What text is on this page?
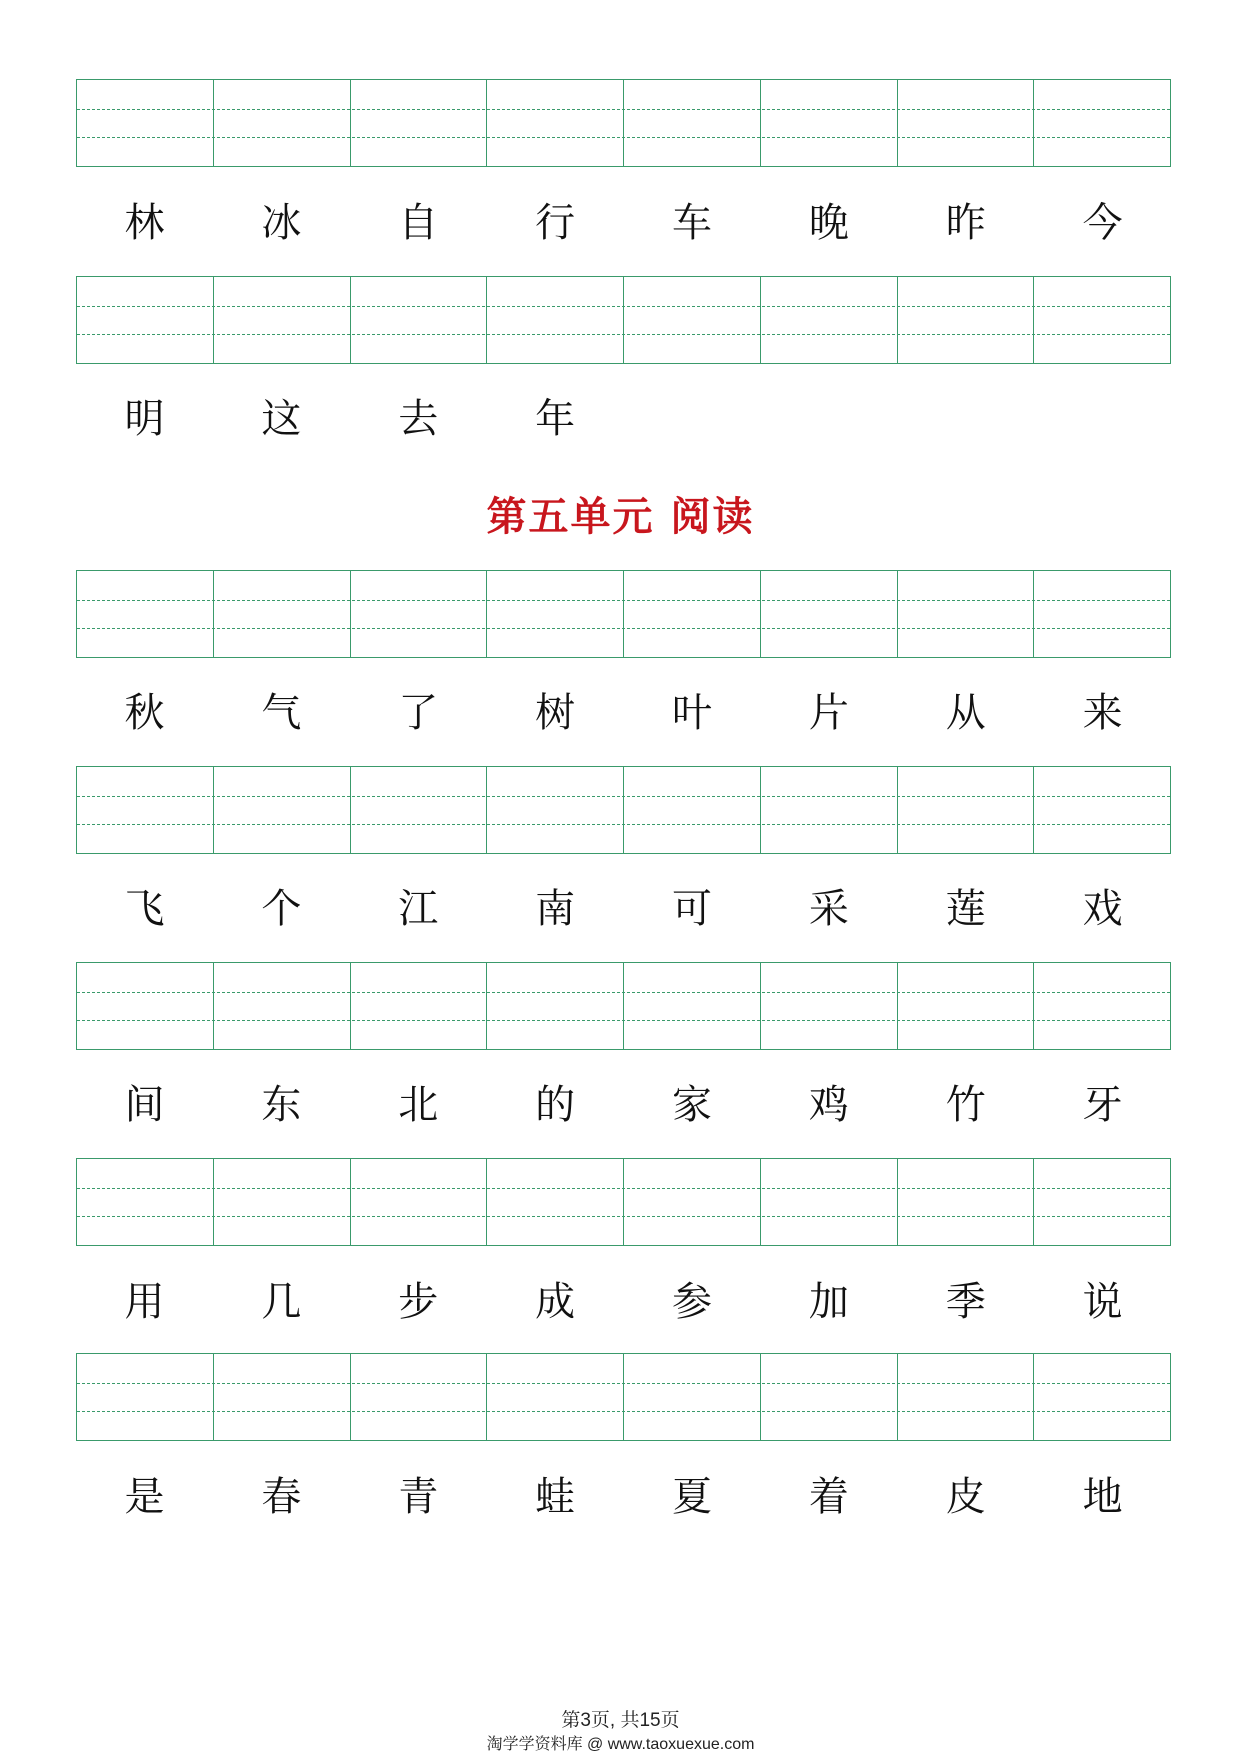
林	冰	自	行	车	晚	昨	今
明	这	去	年
第五单元 阅读
秋	气	了	树	叶	片	从	来
飞	个	江	南	可	采	莲	戏
间	东	北	的	家	鸡	竹	牙
用	几	步	成	参	加	季	说
是	春	青	蛙	夏	着	皮	地
第3页, 共15页
淘学学资料库 @ www.taoxuexue.com
